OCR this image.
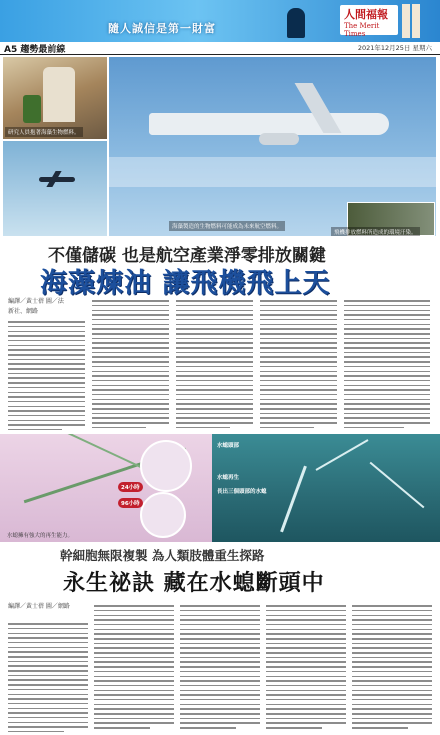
隨人誠信是第一財富
人間福報
The Merit Times
A5 趨勢最前線	2021年12月25日 星期六
研究人員抱著海藻生物燃料。
海藻製造的生物燃料可能成為未來航空燃料。
飛機排放燃料所造成的環境汙染。
不僅儲碳 也是航空產業淨零排放關鍵
海藻煉油 讓飛機飛上天
編譯／黃士蓓 圖／法新社、網路
24小時
96小時
水螅擁有強大的再生能力。
水螅頭部
水螅再生
長出三個頭部的水螅
幹細胞無限複製 為人類肢體重生探路
永生祕訣 藏在水螅斷頭中
編譯／黃士蓓 圖／網路
